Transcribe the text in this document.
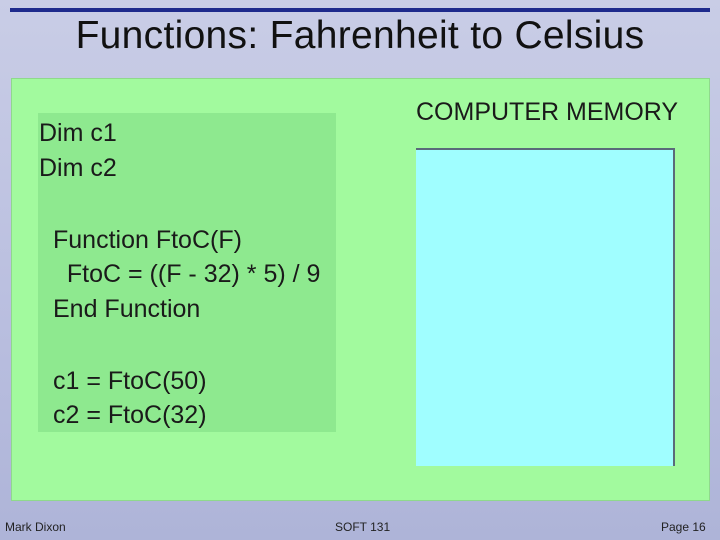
Functions: Fahrenheit to Celsius
Dim c1
Dim c2
Function FtoC(F)
FtoC = ((F - 32) * 5) / 9
End Function
c1 = FtoC(50)
c2 = FtoC(32)
COMPUTER MEMORY
Mark Dixon	SOFT 131	Page 16
